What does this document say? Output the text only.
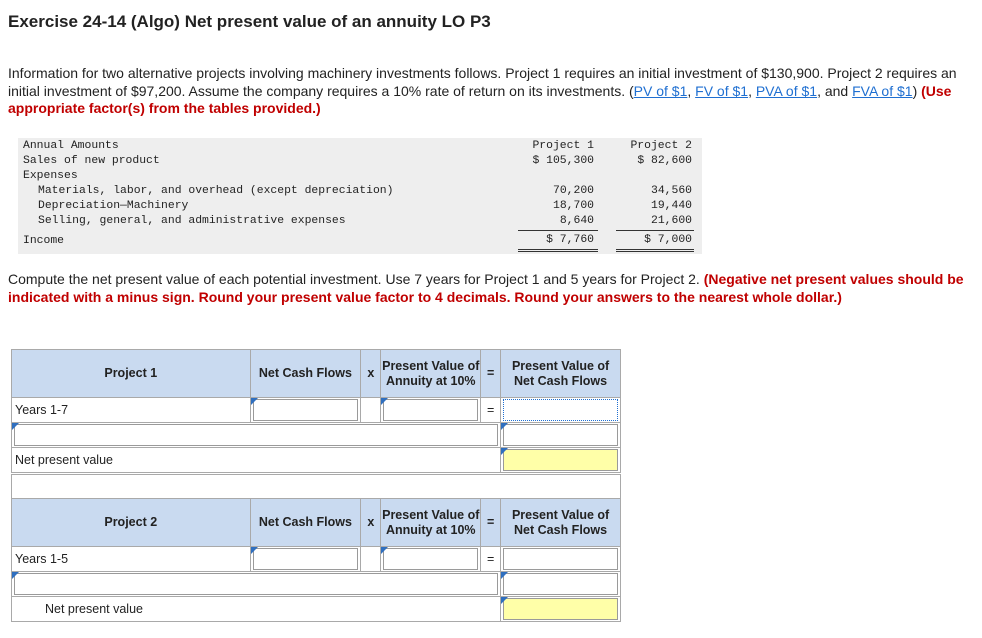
Exercise 24-14 (Algo) Net present value of an annuity LO P3
Information for two alternative projects involving machinery investments follows. Project 1 requires an initial investment of $130,900. Project 2 requires an initial investment of $97,200. Assume the company requires a 10% rate of return on its investments. (PV of $1, FV of $1, PVA of $1, and FVA of $1) (Use appropriate factor(s) from the tables provided.)
Annual Amounts	Project 1	Project 2
Sales of new product	$ 105,300	$ 82,600
Expenses
Materials, labor, and overhead (except depreciation)	70,200	34,560
Depreciation—Machinery	18,700	19,440
Selling, general, and administrative expenses	8,640	21,600
Income	$ 7,760	$ 7,000
Compute the net present value of each potential investment. Use 7 years for Project 1 and 5 years for Project 2. (Negative net present values should be indicated with a minus sign. Round your present value factor to 4 decimals. Round your answers to the nearest whole dollar.)
Project 1	Net Cash Flows	x	Present Value of Annuity at 10%	=	Present Value of Net Cash Flows
Years 1-7				=	

Net present value					

Project 2	Net Cash Flows	x	Present Value of Annuity at 10%	=	Present Value of Net Cash Flows
Years 1-5				=	

Net present value					
